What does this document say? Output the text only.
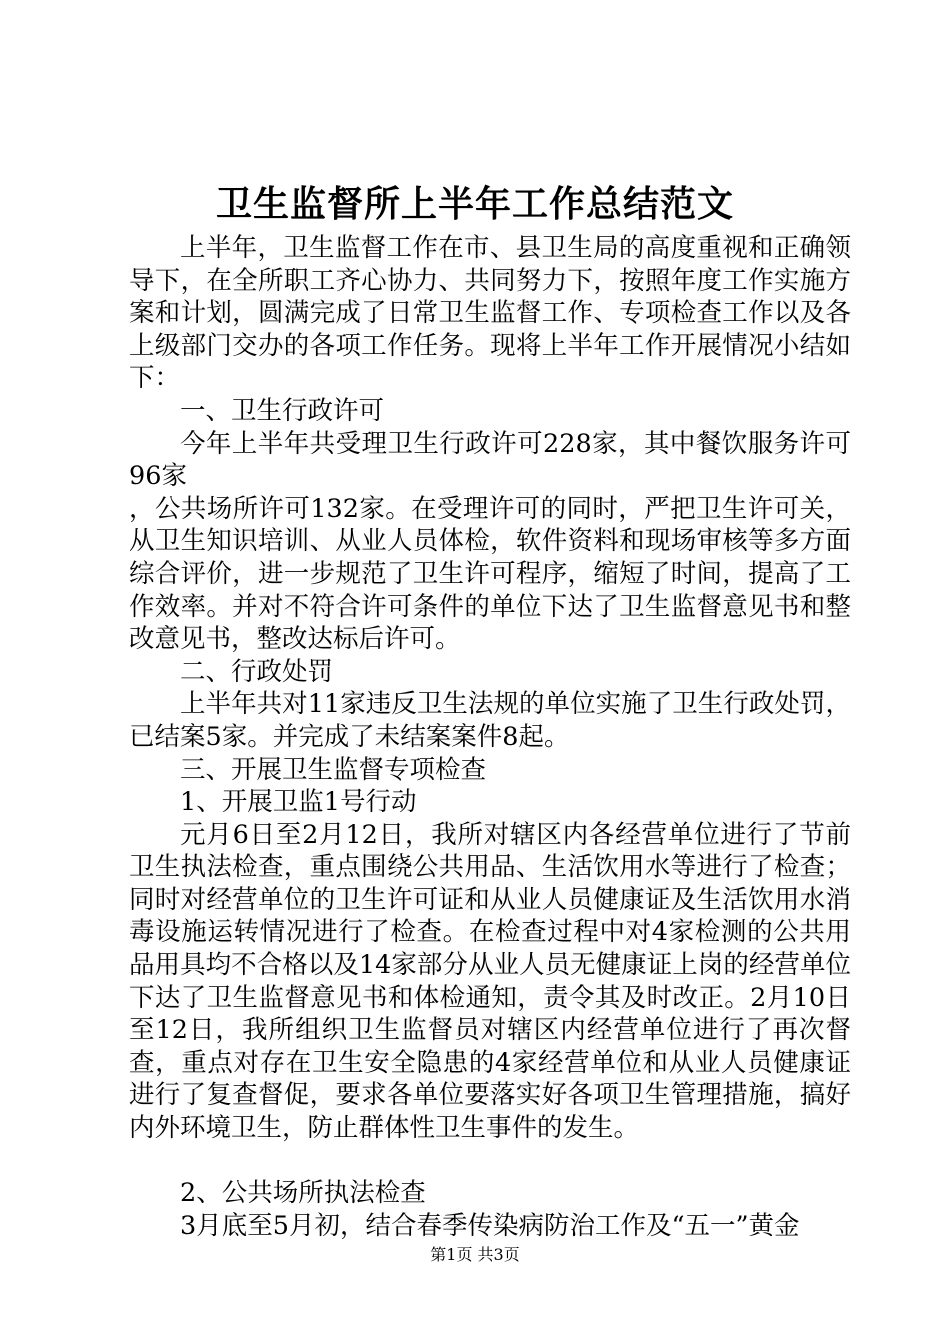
卫生监督所上半年工作总结范文

上半年，卫生监督工作在市、县卫生局的高度重视和正确领导下，在全所职工齐心协力、共同努力下，按照年度工作实施方案和计划，圆满完成了日常卫生监督工作、专项检查工作以及各上级部门交办的各项工作任务。现将上半年工作开展情况小结如下：

一、卫生行政许可

今年上半年共受理卫生行政许可228家，其中餐饮服务许可96家

，公共场所许可132家。在受理许可的同时，严把卫生许可关，从卫生知识培训、从业人员体检，软件资料和现场审核等多方面综合评价，进一步规范了卫生许可程序，缩短了时间，提高了工作效率。并对不符合许可条件的单位下达了卫生监督意见书和整改意见书，整改达标后许可。

二、行政处罚

上半年共对11家违反卫生法规的单位实施了卫生行政处罚，已结案5家。并完成了未结案案件8起。

三、开展卫生监督专项检查

1、开展卫监1号行动

元月6日至2月12日，我所对辖区内各经营单位进行了节前卫生执法检查，重点围绕公共用品、生活饮用水等进行了检查；同时对经营单位的卫生许可证和从业人员健康证及生活饮用水消毒设施运转情况进行了检查。在检查过程中对4家检测的公共用品用具均不合格以及14家部分从业人员无健康证上岗的经营单位下达了卫生监督意见书和体检通知，责令其及时改正。2月10日至12日，我所组织卫生监督员对辖区内经营单位进行了再次督查，重点对存在卫生安全隐患的4家经营单位和从业人员健康证进行了复查督促，要求各单位要落实好各项卫生管理措施，搞好内外环境卫生，防止群体性卫生事件的发生。

2、公共场所执法检查

3月底至5月初，结合春季传染病防治工作及“五一”黄金

第1页 共3页
